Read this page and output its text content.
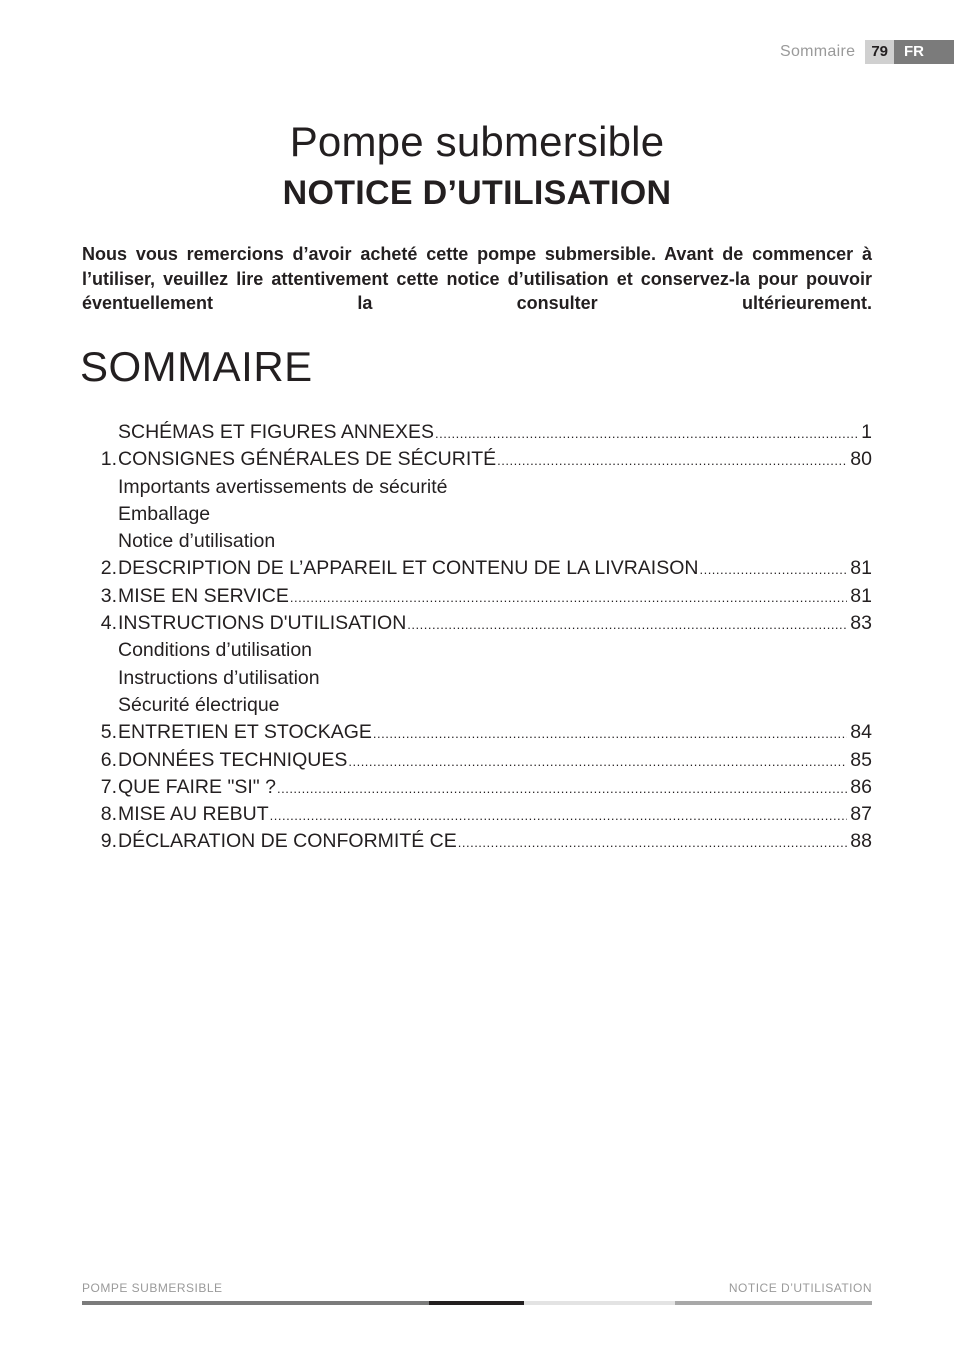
Sommaire	79	FR
Pompe submersible
NOTICE D’UTILISATION

Nous vous remercions d’avoir acheté cette pompe submersible. Avant de commencer à l’utiliser, veuillez lire attentivement cette notice d’utilisation et conservez-la pour pouvoir éventuellement la consulter ultérieurement.

SOMMAIRE
SCHÉMAS ET FIGURES ANNEXES .....	1
1. CONSIGNES GÉNÉRALES DE SÉCURITÉ .....	80
Importants avertissements de sécurité
Emballage
Notice d’utilisation
2. DESCRIPTION DE L’APPAREIL ET CONTENU DE LA LIVRAISON .....	81
3. MISE EN SERVICE .....	81
4. INSTRUCTIONS D'UTILISATION .....	83
Conditions d’utilisation
Instructions d’utilisation
Sécurité électrique
5. ENTRETIEN ET STOCKAGE .....	84
6. DONNÉES TECHNIQUES .....	85
7. QUE FAIRE "SI" ? .....	86
8. MISE AU REBUT .....	87
9. DÉCLARATION DE CONFORMITÉ CE .....	88
POMPE SUBMERSIBLE	NOTICE D’UTILISATION
